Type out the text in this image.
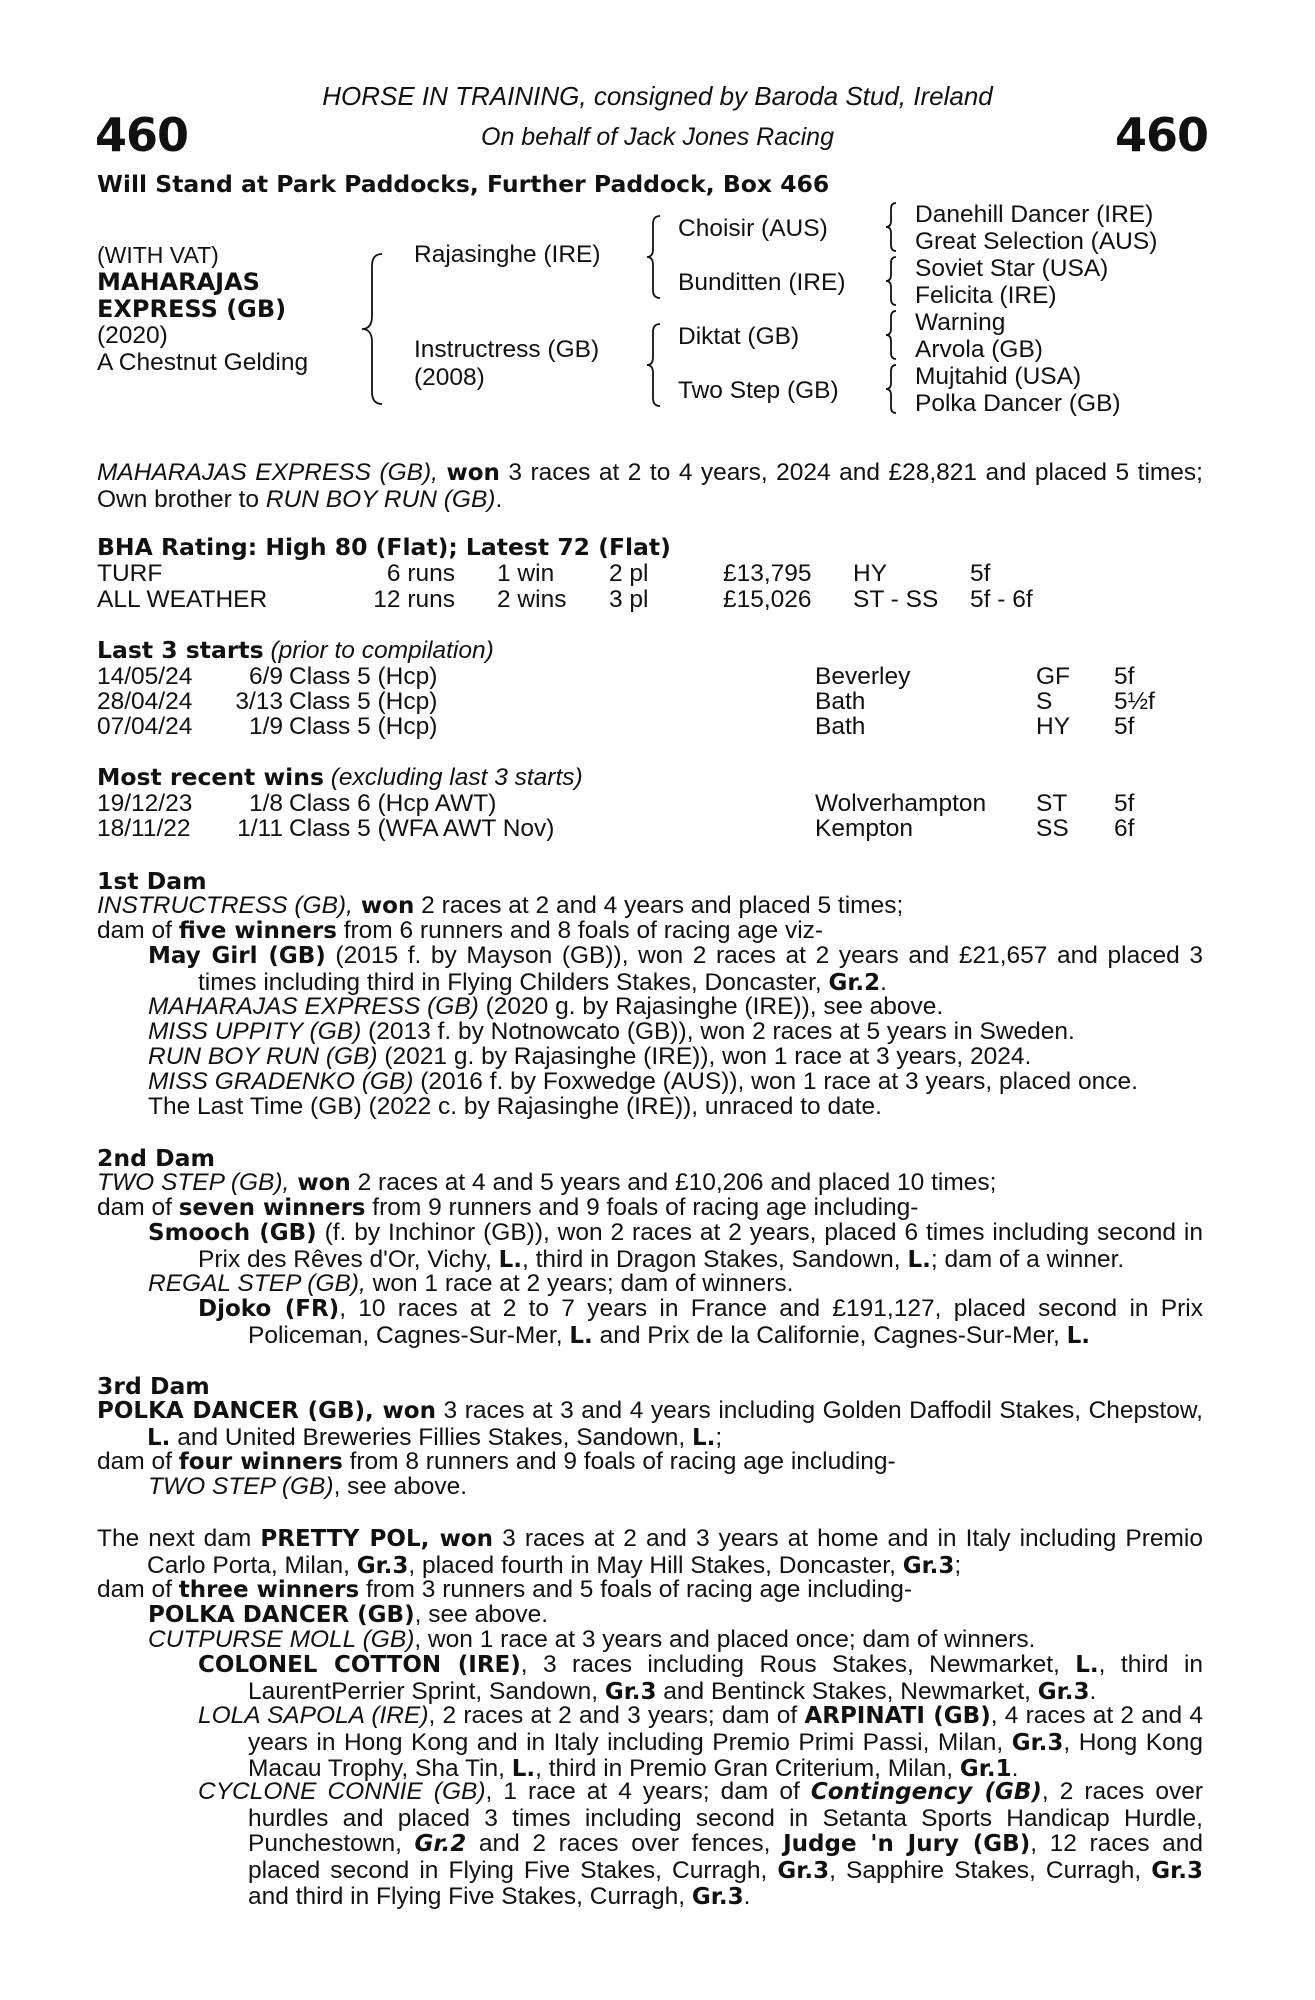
460	460
HORSE IN TRAINING, consigned by Baroda Stud, Ireland
On behalf of Jack Jones Racing
Will Stand at Park Paddocks, Further Paddock, Box 466
(WITH VAT)
MAHARAJAS
EXPRESS (GB)
(2020)
A Chestnut Gelding
Rajasinghe (IRE)
Instructress (GB)
(2008)
Choisir (AUS)
Bunditten (IRE)
Diktat (GB)
Two Step (GB)
Danehill Dancer (IRE)
Great Selection (AUS)
Soviet Star (USA)
Felicita (IRE)
Warning
Arvola (GB)
Mujtahid (USA)
Polka Dancer (GB)
MAHARAJAS EXPRESS (GB), won 3 races at 2 to 4 years, 2024 and £28,821 and placed 5 times; Own brother to RUN BOY RUN (GB).
BHA Rating: High 80 (Flat); Latest 72 (Flat)
TURF	6 runs 1 win 2 pl	£13,795 HY	5f
ALL WEATHER	12 runs 2 wins 3 pl	£15,026 ST - SS 5f - 6f
Last 3 starts (prior to compilation)
14/05/24	6/9 Class 5 (Hcp)	Beverley	GF 5f
28/04/24	3/13 Class 5 (Hcp)	Bath	S	5½f
07/04/24	1/9 Class 5 (Hcp)	Bath	HY 5f
Most recent wins (excluding last 3 starts)
19/12/23	1/8 Class 6 (Hcp AWT)	Wolverhampton ST 5f
18/11/22	1/11 Class 5 (WFA AWT Nov)	Kempton	SS 6f
1st Dam
INSTRUCTRESS (GB), won 2 races at 2 and 4 years and placed 5 times;
dam of five winners from 6 runners and 8 foals of racing age viz-
May Girl (GB) (2015 f. by Mayson (GB)), won 2 races at 2 years and £21,657 and placed 3 times including third in Flying Childers Stakes, Doncaster, Gr.2.
MAHARAJAS EXPRESS (GB) (2020 g. by Rajasinghe (IRE)), see above.
MISS UPPITY (GB) (2013 f. by Notnowcato (GB)), won 2 races at 5 years in Sweden.
RUN BOY RUN (GB) (2021 g. by Rajasinghe (IRE)), won 1 race at 3 years, 2024.
MISS GRADENKO (GB) (2016 f. by Foxwedge (AUS)), won 1 race at 3 years, placed once.
The Last Time (GB) (2022 c. by Rajasinghe (IRE)), unraced to date.
2nd Dam
TWO STEP (GB), won 2 races at 4 and 5 years and £10,206 and placed 10 times;
dam of seven winners from 9 runners and 9 foals of racing age including-
Smooch (GB) (f. by Inchinor (GB)), won 2 races at 2 years, placed 6 times including second in Prix des Rêves d'Or, Vichy, L., third in Dragon Stakes, Sandown, L.; dam of a winner.
REGAL STEP (GB), won 1 race at 2 years; dam of winners.
Djoko (FR), 10 races at 2 to 7 years in France and £191,127, placed second in Prix Policeman, Cagnes-Sur-Mer, L. and Prix de la Californie, Cagnes-Sur-Mer, L.
3rd Dam
POLKA DANCER (GB), won 3 races at 3 and 4 years including Golden Daffodil Stakes, Chepstow, L. and United Breweries Fillies Stakes, Sandown, L.;
dam of four winners from 8 runners and 9 foals of racing age including-
TWO STEP (GB), see above.
The next dam PRETTY POL, won 3 races at 2 and 3 years at home and in Italy including Premio Carlo Porta, Milan, Gr.3, placed fourth in May Hill Stakes, Doncaster, Gr.3;
dam of three winners from 3 runners and 5 foals of racing age including-
POLKA DANCER (GB), see above.
CUTPURSE MOLL (GB), won 1 race at 3 years and placed once; dam of winners.
COLONEL COTTON (IRE), 3 races including Rous Stakes, Newmarket, L., third in LaurentPerrier Sprint, Sandown, Gr.3 and Bentinck Stakes, Newmarket, Gr.3.
LOLA SAPOLA (IRE), 2 races at 2 and 3 years; dam of ARPINATI (GB), 4 races at 2 and 4 years in Hong Kong and in Italy including Premio Primi Passi, Milan, Gr.3, Hong Kong Macau Trophy, Sha Tin, L., third in Premio Gran Criterium, Milan, Gr.1.
CYCLONE CONNIE (GB), 1 race at 4 years; dam of Contingency (GB), 2 races over hurdles and placed 3 times including second in Setanta Sports Handicap Hurdle, Punchestown, Gr.2 and 2 races over fences, Judge 'n Jury (GB), 12 races and placed second in Flying Five Stakes, Curragh, Gr.3, Sapphire Stakes, Curragh, Gr.3 and third in Flying Five Stakes, Curragh, Gr.3.
